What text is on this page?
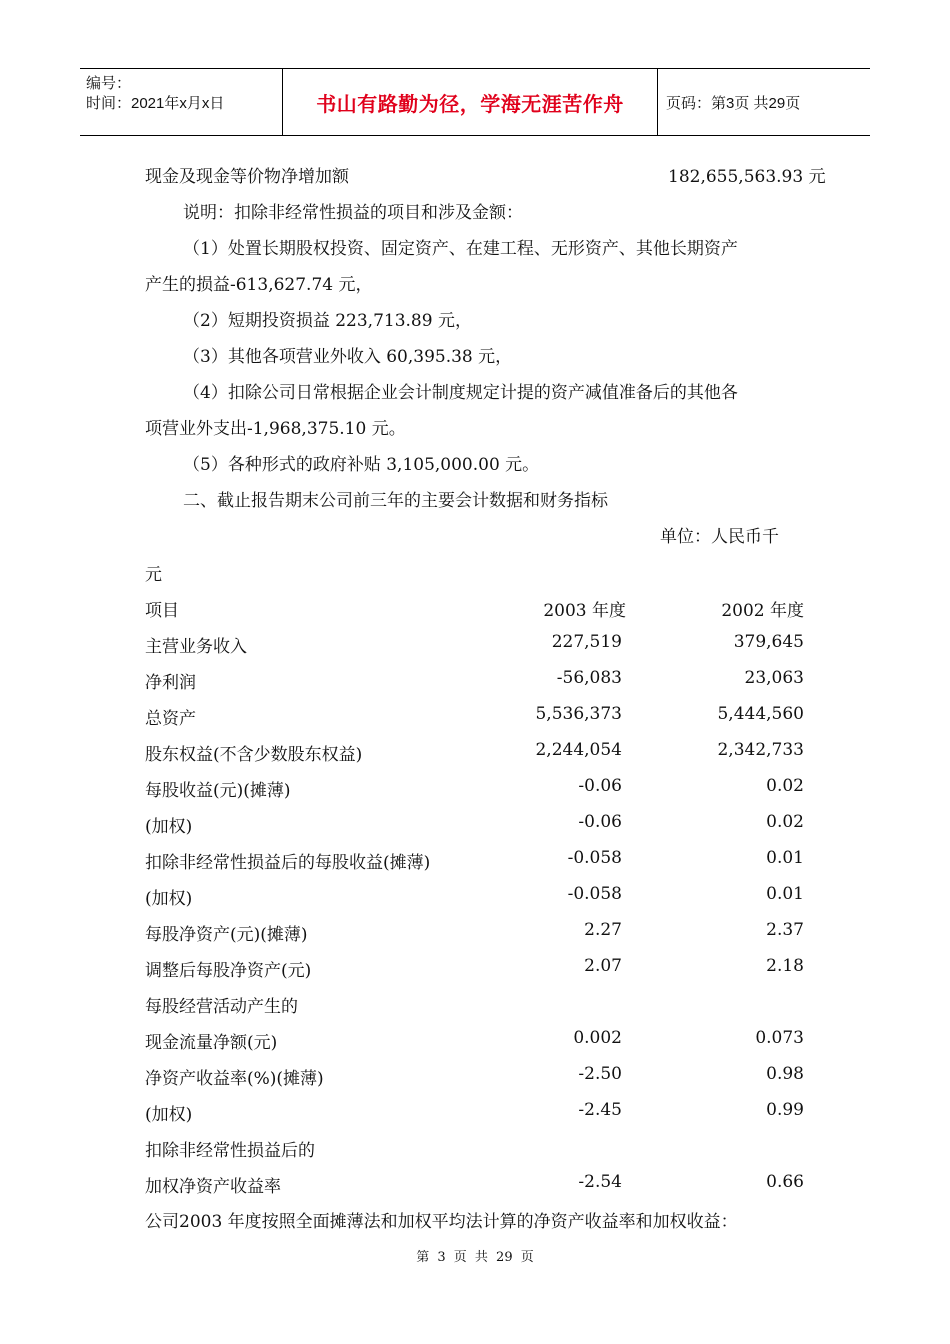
编号：
时间：2021年x月x日	书山有路勤为径，学海无涯苦作舟	页码：第3页 共29页
现金及现金等价物净增加额	182,655,563.93 元
说明：扣除非经常性损益的项目和涉及金额：
（1）处置长期股权投资、固定资产、在建工程、无形资产、其他长期资产
产生的损益-613,627.74 元，
（2）短期投资损益 223,713.89 元，
（3）其他各项营业外收入 60,395.38 元，
（4）扣除公司日常根据企业会计制度规定计提的资产减值准备后的其他各
项营业外支出-1,968,375.10 元。
（5）各种形式的政府补贴 3,105,000.00 元。
二、截止报告期末公司前三年的主要会计数据和财务指标
单位：人民币千
元
项目	2003 年度	2002 年度
主营业务收入	227,519	379,645
净利润	-56,083	23,063
总资产	5,536,373	5,444,560
股东权益(不含少数股东权益)	2,244,054	2,342,733
每股收益(元)(摊薄)	-0.06	0.02
(加权)	-0.06	0.02
扣除非经常性损益后的每股收益(摊薄)	-0.058	0.01
(加权)	-0.058	0.01
每股净资产(元)(摊薄)	2.27	2.37
调整后每股净资产(元)	2.07	2.18
每股经营活动产生的
现金流量净额(元)	0.002	0.073
净资产收益率(%)(摊薄)	-2.50	0.98
(加权)	-2.45	0.99
扣除非经常性损益后的
加权净资产收益率	-2.54	0.66
公司2003 年度按照全面摊薄法和加权平均法计算的净资产收益率和加权收益：
第 3 页 共 29 页
